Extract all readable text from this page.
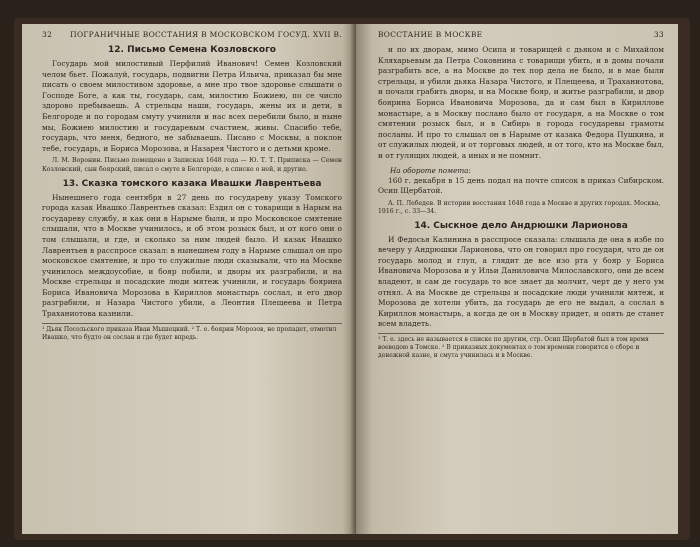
32 ПОГРАНИЧНЫЕ ВОССТАНИЯ В МОСКОВСКОМ ГОСУД. XVII В.
12. Письмо Семена Козловского

Государь мой милостивый Перфилий Иванович! Семен Козловский челом бьет. Пожалуй, государь, подвигни Петра Ильича, приказал бы мне писать о своем милостивом здоровье, а мне про твое здоровье слышати о Господе Боге, а как ты, государь, сам, милостию Божиею, по се число здорово пребываешь. А стрельцы наши, государь, жены их и дети, в Белгороде и по городам смуту учинили и нас всех перебили было, и ныне мы, Божиею милостию и государевым счастием, живы. Спасибо тебе, государь, что меня, бедного, не забываешь. Писано с Москвы, а поклон тебе, государь, и Бориса Морозова, и Назарея Чистого и с детьми кроме.

Л. М. Воронин. Письмо помещено в Записках 1648 года — Ю. Т. Т. Приписка — Семен Козловский, сын боярский, писал о смуте в Белгороде, в списке о ней, и другие.

13. Сказка томского казака Ивашки Лаврентьева

Нынешнего года сентября в 27 день по государеву указу Томского города казак Ивашко Лаврентьев сказал: Ездил он с товарищи в Нарым на государеву службу, и как они в Нарыме были, и про Московское смятение слышали, что в Москве учинилось, и об этом розыск был, и от кого они о том слышали, и где, и сколько за ним людей было. И казак Ивашко Лаврентьев в расспросе сказал: в нынешнем году в Нарыме слышал он про московское смятение, и про то служилые люди сказывали, что на Москве учинилось междоусобие, и бояр побили, и дворы их разграбили, и на Москве стрельцы и посадские люди мятеж учинили, и государь боярина Бориса Ивановича Морозова в Кириллов монастырь сослал, и его двор разграбили, и Назара Чистого убили, а Леонтия Плещеева и Петра Траханиотова казнили.

¹ Дьяк Посольского приказа Иван Мышецкий. ² Т. е. боярин Морозов, не пропадет, отметил Ивашко, что будто он сослан и где будет впредь.
ВОССТАНИЕ В МОСКВЕ	33

и по их дворам, мимо Осипа и товарищей с дьяком и с Михайлом Кляхарьевым да Петра Соковнина с товарищи убить, и в домы почали разграбить все, а на Москве до тех пор дела не было, и в мае были стрельцы, и убили дьяка Назара Чистого, и Плещеева, и Траханиотова, и почали грабить дворы, и на Москве бояр, и житье разграбили, и двор боярина Бориса Ивановича Морозова, да и сам был в Кириллове монастыре, а в Москву послано было от государя, а на Москве о том смятении розыск был, и в Сибирь в города государевы грамоты посланы. И про то слышал он в Нарыме от казака Федора Пушкина, и от служилых людей, и от торговых людей, и от того, кто на Москве был, и от гулящих людей, а иных и не помнит.

На обороте помета:

160 г. декабря в 15 день подал на почте список в приказ Сибирском. Осип Щербатой.

А. П. Лебедев. В истории восстания 1648 года в Москве и других городах. Москва, 1916 г., с. 33—34.

14. Сыскное дело Андрюшки Ларионова

И Федосья Калинина в расспросе сказала: слышала де она в избе по вечеру у Андрюшки Ларионова, что он говорил про государя, что де он государь молод и глуп, а глядит де все изо рта у бояр у Бориса Ивановича Морозова и у Ильи Даниловича Милославского, они де всем владеют, и сам де государь то все знает да молчит, черт де у него ум отнял. А на Москве де стрельцы и посадские люди учинили мятеж, и Морозова де хотели убить, да государь де его не выдал, а сослал в Кириллов монастырь, а когда де он в Москву придет, и опять де станет всем владеть.

¹ Т. е. здесь не называется в списке по другим, стр. Осип Щербатой был в том время воеводою в Томске. ² В приказных документах о том времени говорится о сборе и денежной казне, и смута учинилась и в Москве.
